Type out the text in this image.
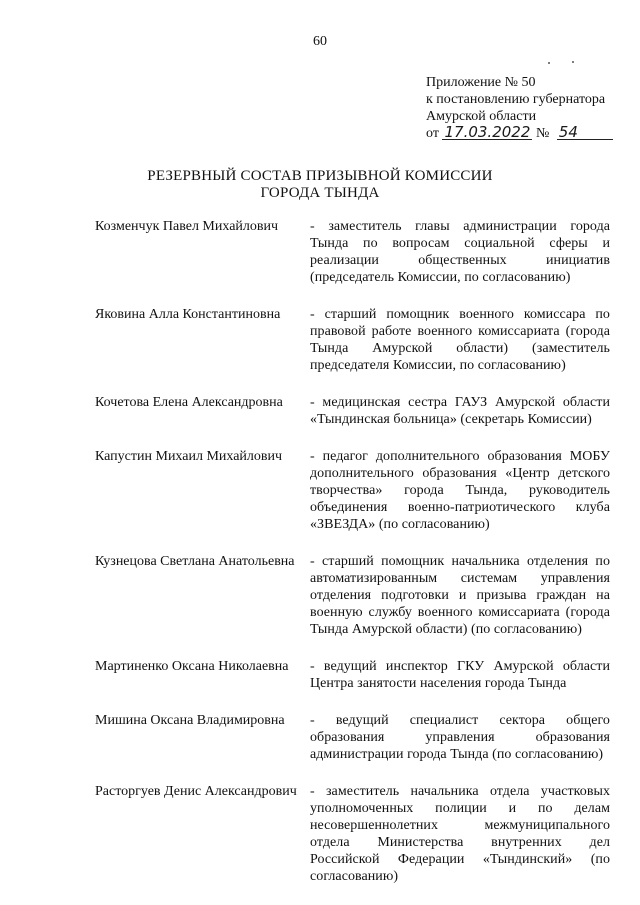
60
Приложение № 50
к постановлению губернатора
Амурской области
от 17.03.2022 № 54
РЕЗЕРВНЫЙ СОСТАВ ПРИЗЫВНОЙ КОМИССИИ
ГОРОДА ТЫНДА
Козменчук Павел Михайлович	- заместитель главы администрации города Тында по вопросам социальной сферы и реализации общественных инициатив (председатель Комиссии, по согласованию)
Яковина Алла Константиновна	- старший помощник военного комиссара по правовой работе военного комиссариата (города Тында Амурской области) (заместитель председателя Комиссии, по согласованию)
Кочетова Елена Александровна	- медицинская сестра ГАУЗ Амурской области «Тындинская больница» (секретарь Комиссии)
Капустин Михаил Михайлович	- педагог дополнительного образования МОБУ дополнительного образования «Центр детского творчества» города Тында, руководитель объединения военно-патриотического клуба «ЗВЕЗДА» (по согласованию)
Кузнецова Светлана Анатольевна	- старший помощник начальника отделения по автоматизированным системам управления отделения подготовки и призыва граждан на военную службу военного комиссариата (города Тында Амурской области) (по согласованию)
Мартиненко Оксана Николаевна	- ведущий инспектор ГКУ Амурской области Центра занятости населения города Тында
Мишина Оксана Владимировна	- ведущий специалист сектора общего образования управления образования администрации города Тында (по согласованию)
Расторгуев Денис Александрович - заместитель начальника отдела участковых уполномоченных полиции и по делам несовершеннолетних межмуниципального отдела Министерства внутренних дел Российской Федерации «Тындинский» (по согласованию)
